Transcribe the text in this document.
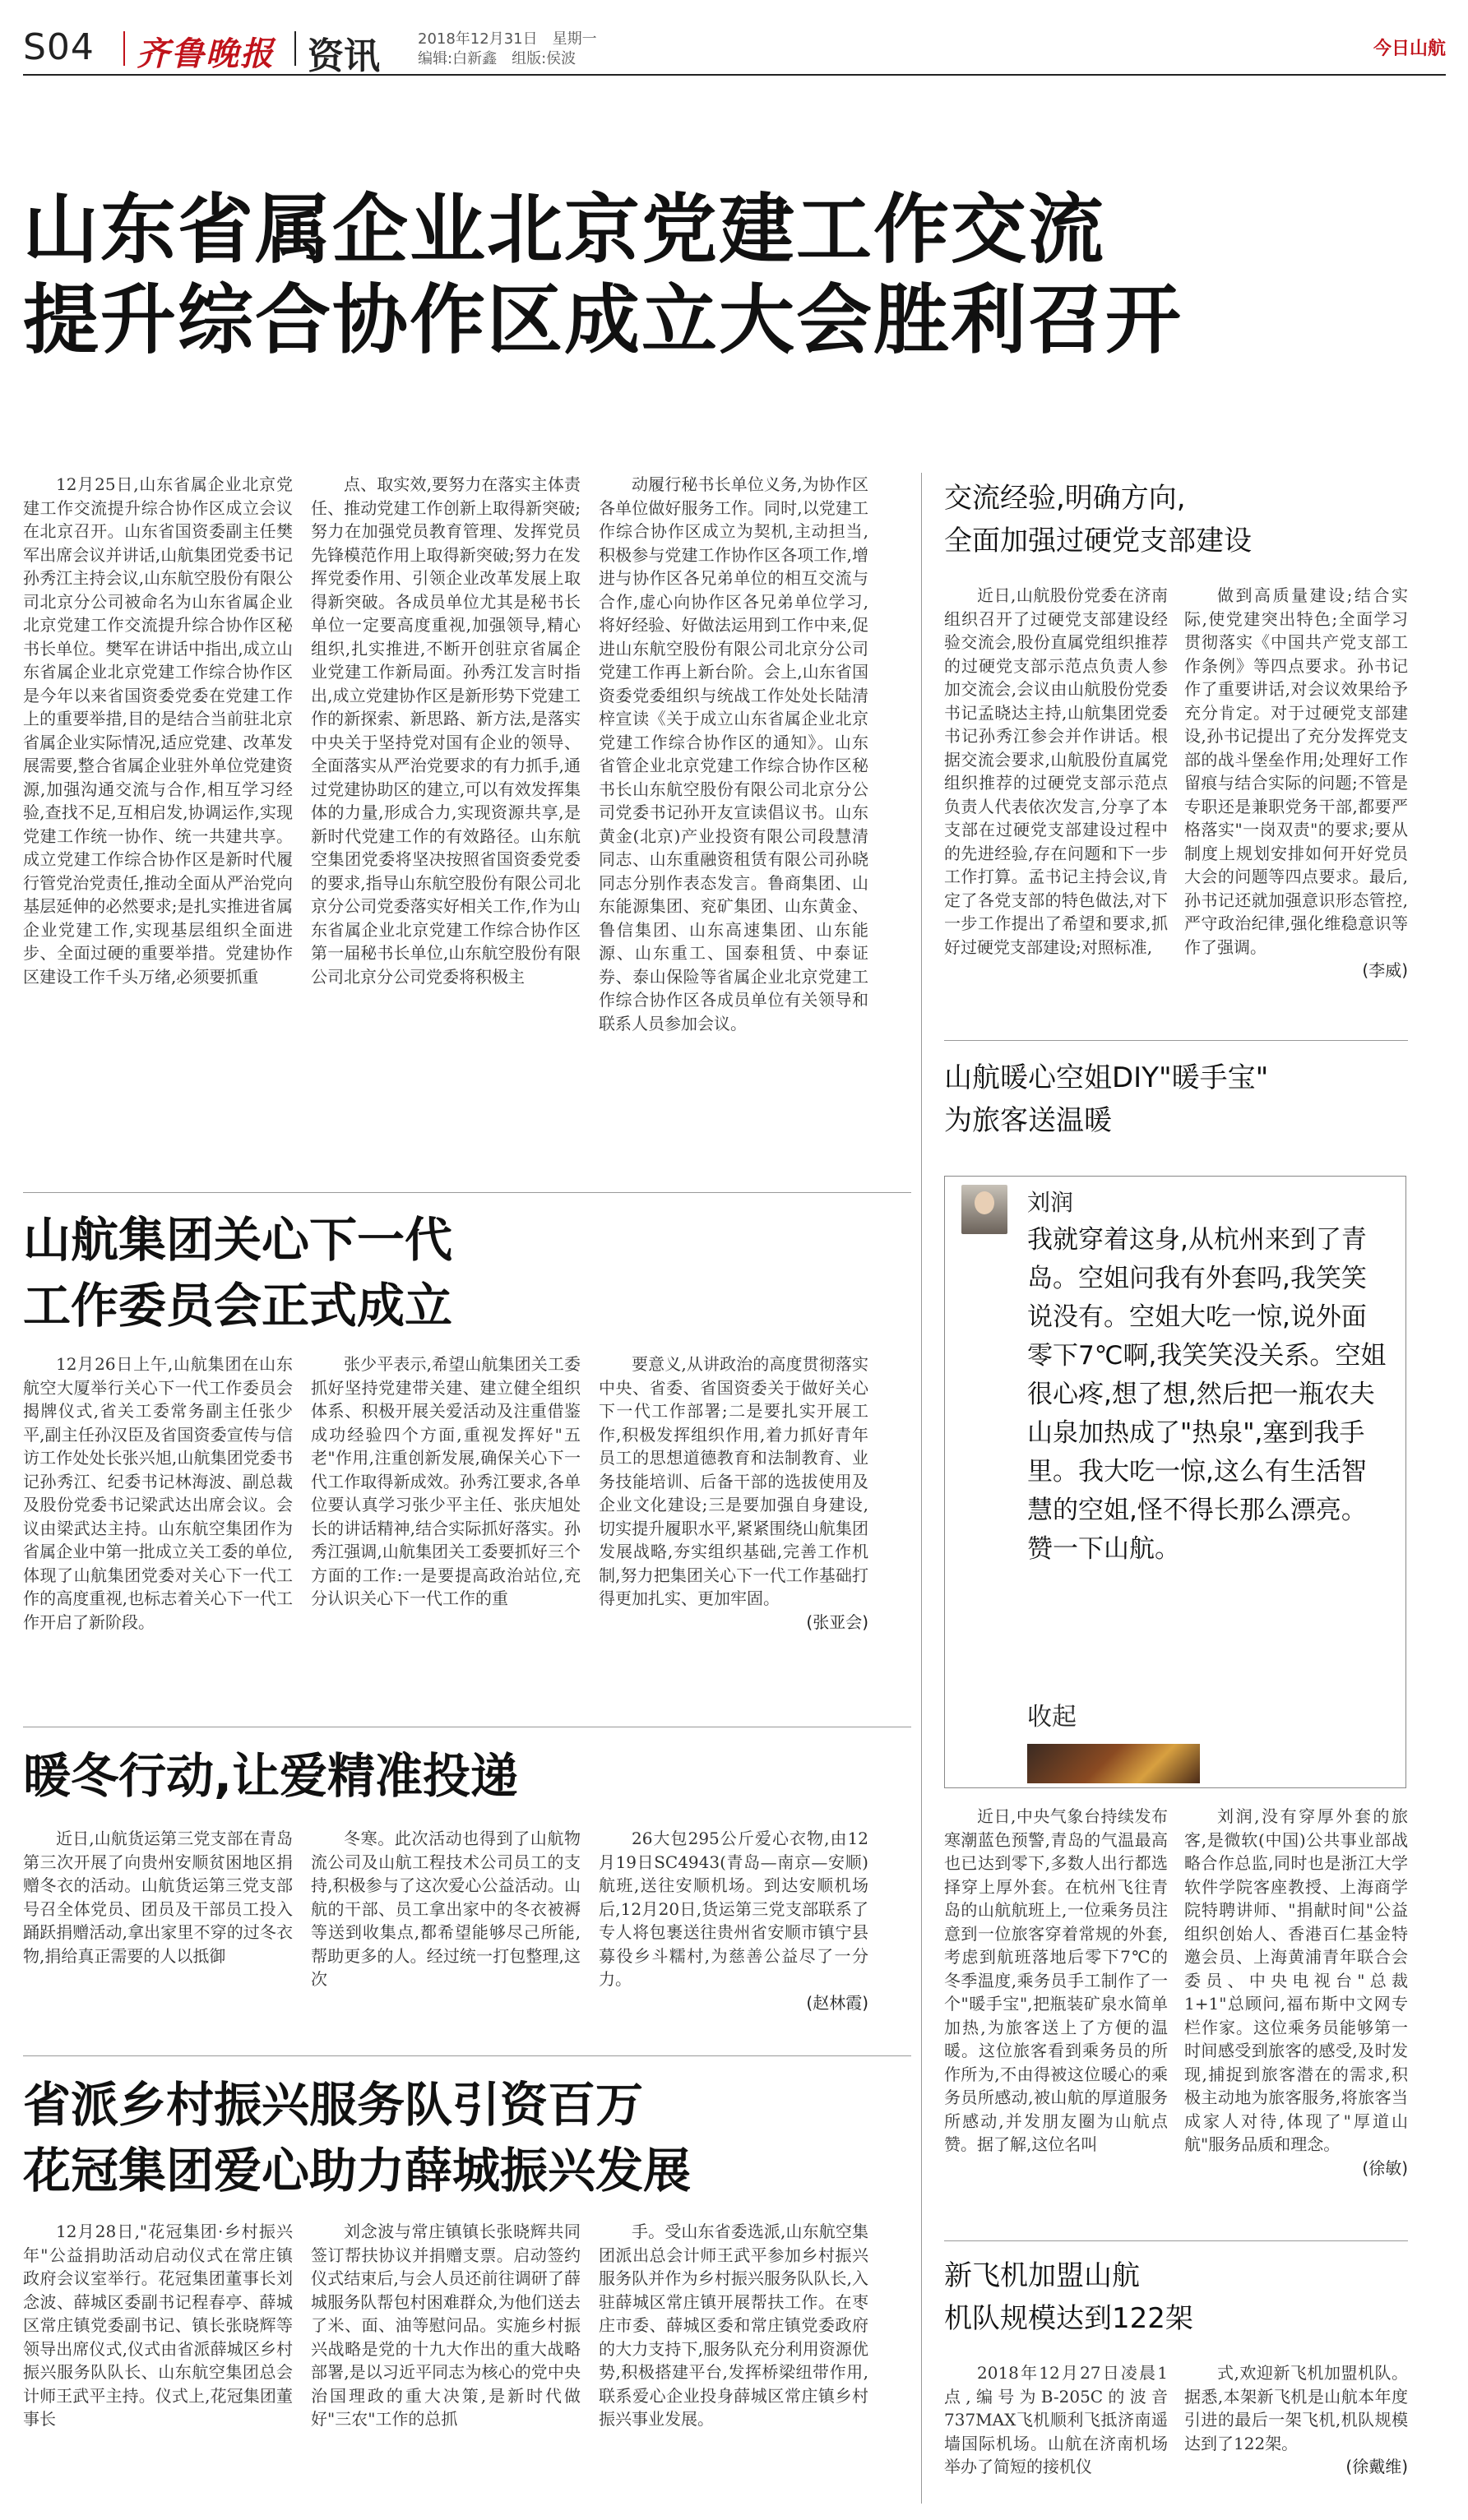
S04 齐鲁晚报 资讯	2018年12月31日　星期一
编辑:白新鑫　组版:侯波	今日山航
山东省属企业北京党建工作交流
提升综合协作区成立大会胜利召开

12月25日,山东省属企业北京党建工作交流提升综合协作区成立会议在北京召开。山东省国资委副主任樊军出席会议并讲话,山航集团党委书记孙秀江主持会议,山东航空股份有限公司北京分公司被命名为山东省属企业北京党建工作交流提升综合协作区秘书长单位。樊军在讲话中指出,成立山东省属企业北京党建工作综合协作区是今年以来省国资委党委在党建工作上的重要举措,目的是结合当前驻北京省属企业实际情况,适应党建、改革发展需要,整合省属企业驻外单位党建资源,加强沟通交流与合作,相互学习经验,查找不足,互相启发,协调运作,实现党建工作统一协作、统一共建共享。成立党建工作综合协作区是新时代履行管党治党责任,推动全面从严治党向基层延伸的必然要求;是扎实推进省属企业党建工作,实现基层组织全面进步、全面过硬的重要举措。党建协作区建设工作千头万绪,必须要抓重

点、取实效,要努力在落实主体责任、推动党建工作创新上取得新突破;努力在加强党员教育管理、发挥党员先锋模范作用上取得新突破;努力在发挥党委作用、引领企业改革发展上取得新突破。各成员单位尤其是秘书长单位一定要高度重视,加强领导,精心组织,扎实推进,不断开创驻京省属企业党建工作新局面。孙秀江发言时指出,成立党建协作区是新形势下党建工作的新探索、新思路、新方法,是落实中央关于坚持党对国有企业的领导、全面落实从严治党要求的有力抓手,通过党建协助区的建立,可以有效发挥集体的力量,形成合力,实现资源共享,是新时代党建工作的有效路径。山东航空集团党委将坚决按照省国资委党委的要求,指导山东航空股份有限公司北京分公司党委落实好相关工作,作为山东省属企业北京党建工作综合协作区第一届秘书长单位,山东航空股份有限公司北京分公司党委将积极主

动履行秘书长单位义务,为协作区各单位做好服务工作。同时,以党建工作综合协作区成立为契机,主动担当,积极参与党建工作协作区各项工作,增进与协作区各兄弟单位的相互交流与合作,虚心向协作区各兄弟单位学习,将好经验、好做法运用到工作中来,促进山东航空股份有限公司北京分公司党建工作再上新台阶。会上,山东省国资委党委组织与统战工作处处长陆清梓宣读《关于成立山东省属企业北京党建工作综合协作区的通知》。山东省管企业北京党建工作综合协作区秘书长山东航空股份有限公司北京分公司党委书记孙开友宣读倡议书。山东黄金(北京)产业投资有限公司段慧清同志、山东重融资租赁有限公司孙晓同志分别作表态发言。鲁商集团、山东能源集团、兖矿集团、山东黄金、鲁信集团、山东高速集团、山东能源、山东重工、国泰租赁、中泰证券、泰山保险等省属企业北京党建工作综合协作区各成员单位有关领导和联系人员参加会议。

交流经验,明确方向,
全面加强过硬党支部建设

近日,山航股份党委在济南组织召开了过硬党支部建设经验交流会,股份直属党组织推荐的过硬党支部示范点负责人参加交流会,会议由山航股份党委书记孟晓达主持,山航集团党委书记孙秀江参会并作讲话。根据交流会要求,山航股份直属党组织推荐的过硬党支部示范点负责人代表依次发言,分享了本支部在过硬党支部建设过程中的先进经验,存在问题和下一步工作打算。孟书记主持会议,肯定了各党支部的特色做法,对下一步工作提出了希望和要求,抓好过硬党支部建设;对照标准,

做到高质量建设;结合实际,使党建突出特色;全面学习贯彻落实《中国共产党支部工作条例》等四点要求。孙书记作了重要讲话,对会议效果给予充分肯定。对于过硬党支部建设,孙书记提出了充分发挥党支部的战斗堡垒作用;处理好工作留痕与结合实际的问题;不管是专职还是兼职党务干部,都要严格落实"一岗双责"的要求;要从制度上规划安排如何开好党员大会的问题等四点要求。最后,孙书记还就加强意识形态管控,严守政治纪律,强化维稳意识等作了强调。

(李威)
山航暖心空姐DIY"暖手宝"
为旅客送温暖
刘润
我就穿着这身,从杭州来到了青岛。空姐问我有外套吗,我笑笑说没有。空姐大吃一惊,说外面零下7℃啊,我笑笑没关系。空姐很心疼,想了想,然后把一瓶农夫山泉加热成了"热泉",塞到我手里。我大吃一惊,这么有生活智慧的空姐,怪不得长那么漂亮。赞一下山航。
收起

近日,中央气象台持续发布寒潮蓝色预警,青岛的气温最高也已达到零下,多数人出行都选择穿上厚外套。在杭州飞往青岛的山航航班上,一位乘务员注意到一位旅客穿着常规的外套,考虑到航班落地后零下7℃的冬季温度,乘务员手工制作了一个"暖手宝",把瓶装矿泉水简单加热,为旅客送上了方便的温暖。这位旅客看到乘务员的所作所为,不由得被这位暖心的乘务员所感动,被山航的厚道服务所感动,并发朋友圈为山航点赞。据了解,这位名叫

刘润,没有穿厚外套的旅客,是微软(中国)公共事业部战略合作总监,同时也是浙江大学软件学院客座教授、上海商学院特聘讲师、"捐献时间"公益组织创始人、香港百仁基金特邀会员、上海黄浦青年联合会委员、中央电视台"总裁1+1"总顾问,福布斯中文网专栏作家。这位乘务员能够第一时间感受到旅客的感受,及时发现,捕捉到旅客潜在的需求,积极主动地为旅客服务,将旅客当成家人对待,体现了"厚道山航"服务品质和理念。

(徐敏)
山航集团关心下一代
工作委员会正式成立

12月26日上午,山航集团在山东航空大厦举行关心下一代工作委员会揭牌仪式,省关工委常务副主任张少平,副主任孙汉臣及省国资委宣传与信访工作处处长张兴旭,山航集团党委书记孙秀江、纪委书记林海波、副总裁及股份党委书记梁武达出席会议。会议由梁武达主持。山东航空集团作为省属企业中第一批成立关工委的单位,体现了山航集团党委对关心下一代工作的高度重视,也标志着关心下一代工作开启了新阶段。

张少平表示,希望山航集团关工委抓好坚持党建带关建、建立健全组织体系、积极开展关爱活动及注重借鉴成功经验四个方面,重视发挥好"五老"作用,注重创新发展,确保关心下一代工作取得新成效。孙秀江要求,各单位要认真学习张少平主任、张庆旭处长的讲话精神,结合实际抓好落实。孙秀江强调,山航集团关工委要抓好三个方面的工作:一是要提高政治站位,充分认识关心下一代工作的重

要意义,从讲政治的高度贯彻落实中央、省委、省国资委关于做好关心下一代工作部署;二是要扎实开展工作,积极发挥组织作用,着力抓好青年员工的思想道德教育和法制教育、业务技能培训、后备干部的选拔使用及企业文化建设;三是要加强自身建设,切实提升履职水平,紧紧围绕山航集团发展战略,夯实组织基础,完善工作机制,努力把集团关心下一代工作基础打得更加扎实、更加牢固。

(张亚会)
暖冬行动,让爱精准投递

近日,山航货运第三党支部在青岛第三次开展了向贵州安顺贫困地区捐赠冬衣的活动。山航货运第三党支部号召全体党员、团员及干部员工投入踊跃捐赠活动,拿出家里不穿的过冬衣物,捐给真正需要的人以抵御

冬寒。此次活动也得到了山航物流公司及山航工程技术公司员工的支持,积极参与了这次爱心公益活动。山航的干部、员工拿出家中的冬衣被褥等送到收集点,都希望能够尽己所能,帮助更多的人。经过统一打包整理,这次

26大包295公斤爱心衣物,由12月19日SC4943(青岛—南京—安顺)航班,送往安顺机场。到达安顺机场后,12月20日,货运第三党支部联系了专人将包裹送往贵州省安顺市镇宁县募役乡斗糯村,为慈善公益尽了一分力。

(赵林霞)
省派乡村振兴服务队引资百万
花冠集团爱心助力薛城振兴发展

12月28日,"花冠集团·乡村振兴年"公益捐助活动启动仪式在常庄镇政府会议室举行。花冠集团董事长刘念波、薛城区委副书记程春亭、薛城区常庄镇党委副书记、镇长张晓辉等领导出席仪式,仪式由省派薛城区乡村振兴服务队队长、山东航空集团总会计师王武平主持。仪式上,花冠集团董事长

刘念波与常庄镇镇长张晓辉共同签订帮扶协议并捐赠支票。启动签约仪式结束后,与会人员还前往调研了薛城服务队帮包村困难群众,为他们送去了米、面、油等慰问品。实施乡村振兴战略是党的十九大作出的重大战略部署,是以习近平同志为核心的党中央治国理政的重大决策,是新时代做好"三农"工作的总抓

手。受山东省委选派,山东航空集团派出总会计师王武平参加乡村振兴服务队并作为乡村振兴服务队队长,入驻薛城区常庄镇开展帮扶工作。在枣庄市委、薛城区委和常庄镇党委政府的大力支持下,服务队充分利用资源优势,积极搭建平台,发挥桥梁纽带作用,联系爱心企业投身薛城区常庄镇乡村振兴事业发展。

新飞机加盟山航
机队规模达到122架

2018年12月27日凌晨1点,编号为B-205C的波音737MAX飞机顺利飞抵济南遥墙国际机场。山航在济南机场举办了简短的接机仪

式,欢迎新飞机加盟机队。据悉,本架新飞机是山航本年度引进的最后一架飞机,机队规模达到了122架。

(徐戴维)
